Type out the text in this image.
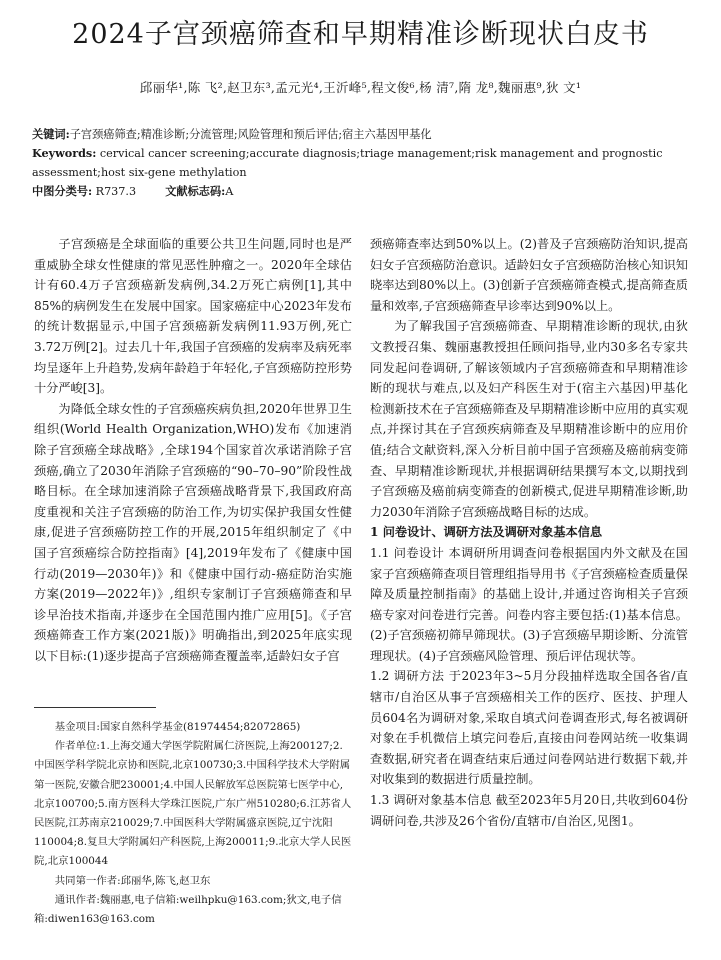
2024子宫颈癌筛查和早期精准诊断现状白皮书
邱丽华¹,陈 飞²,赵卫东³,孟元光⁴,王沂峰⁵,程文俊⁶,杨 清⁷,隋 龙⁸,魏丽惠⁹,狄 文¹
关键词:子宫颈癌筛查;精准诊断;分流管理;风险管理和预后评估;宿主六基因甲基化
Keywords: cervical cancer screening;accurate diagnosis;triage management;risk management and prognostic assessment;host six-gene methylation
中图分类号: R737.3	文献标志码:A

子宫颈癌是全球面临的重要公共卫生问题,同时也是严重威胁全球女性健康的常见恶性肿瘤之一。2020年全球估计有60.4万子宫颈癌新发病例,34.2万死亡病例[1],其中85%的病例发生在发展中国家。国家癌症中心2023年发布的统计数据显示,中国子宫颈癌新发病例11.93万例,死亡3.72万例[2]。过去几十年,我国子宫颈癌的发病率及病死率均呈逐年上升趋势,发病年龄趋于年轻化,子宫颈癌防控形势十分严峻[3]。

为降低全球女性的子宫颈癌疾病负担,2020年世界卫生组织(World Health Organization,WHO)发布《加速消除子宫颈癌全球战略》,全球194个国家首次承诺消除子宫颈癌,确立了2030年消除子宫颈癌的“90–70–90”阶段性战略目标。在全球加速消除子宫颈癌战略背景下,我国政府高度重视和关注子宫颈癌的防治工作,为切实保护我国女性健康,促进子宫颈癌防控工作的开展,2015年组织制定了《中国子宫颈癌综合防控指南》[4],2019年发布了《健康中国行动(2019—2030年)》和《健康中国行动-癌症防治实施方案(2019—2022年)》,组织专家制订子宫颈癌筛查和早诊早治技术指南,并逐步在全国范围内推广应用[5]。《子宫颈癌筛查工作方案(2021版)》明确指出,到2025年底实现以下目标:(1)逐步提高子宫颈癌筛查覆盖率,适龄妇女子宫

基金项目:国家自然科学基金(81974454;82072865)

作者单位:1.上海交通大学医学院附属仁济医院,上海200127;2.中国医学科学院北京协和医院,北京100730;3.中国科学技术大学附属第一医院,安徽合肥230001;4.中国人民解放军总医院第七医学中心,北京100700;5.南方医科大学珠江医院,广东广州510280;6.江苏省人民医院,江苏南京210029;7.中国医科大学附属盛京医院,辽宁沈阳110004;8.复旦大学附属妇产科医院,上海200011;9.北京大学人民医院,北京100044

共同第一作者:邱丽华,陈飞,赵卫东

通讯作者:魏丽惠,电子信箱:weilhpku@163.com;狄文,电子信箱:diwen163@163.com

颈癌筛查率达到50%以上。(2)普及子宫颈癌防治知识,提高妇女子宫颈癌防治意识。适龄妇女子宫颈癌防治核心知识知晓率达到80%以上。(3)创新子宫颈癌筛查模式,提高筛查质量和效率,子宫颈癌筛查早诊率达到90%以上。

为了解我国子宫颈癌筛查、早期精准诊断的现状,由狄文教授召集、魏丽惠教授担任顾问指导,业内30多名专家共同发起问卷调研,了解该领域内子宫颈癌筛查和早期精准诊断的现状与难点,以及妇产科医生对于(宿主六基因)甲基化检测新技术在子宫颈癌筛查及早期精准诊断中应用的真实观点,并探讨其在子宫颈疾病筛查及早期精准诊断中的应用价值;结合文献资料,深入分析目前中国子宫颈癌及癌前病变筛查、早期精准诊断现状,并根据调研结果撰写本文,以期找到子宫颈癌及癌前病变筛查的创新模式,促进早期精准诊断,助力2030年消除子宫颈癌战略目标的达成。

1 问卷设计、调研方法及调研对象基本信息

1.1 问卷设计 本调研所用调查问卷根据国内外文献及在国家子宫颈癌筛查项目管理组指导用书《子宫颈癌检查质量保障及质量控制指南》的基础上设计,并通过咨询相关子宫颈癌专家对问卷进行完善。问卷内容主要包括:(1)基本信息。(2)子宫颈癌初筛早筛现状。(3)子宫颈癌早期诊断、分流管理现状。(4)子宫颈癌风险管理、预后评估现状等。

1.2 调研方法 于2023年3~5月分段抽样选取全国各省/直辖市/自治区从事子宫颈癌相关工作的医疗、医技、护理人员604名为调研对象,采取自填式问卷调查形式,每名被调研对象在手机微信上填完问卷后,直接由问卷网站统一收集调查数据,研究者在调查结束后通过问卷网站进行数据下载,并对收集到的数据进行质量控制。

1.3 调研对象基本信息 截至2023年5月20日,共收到604份调研问卷,共涉及26个省份/直辖市/自治区,见图1。
